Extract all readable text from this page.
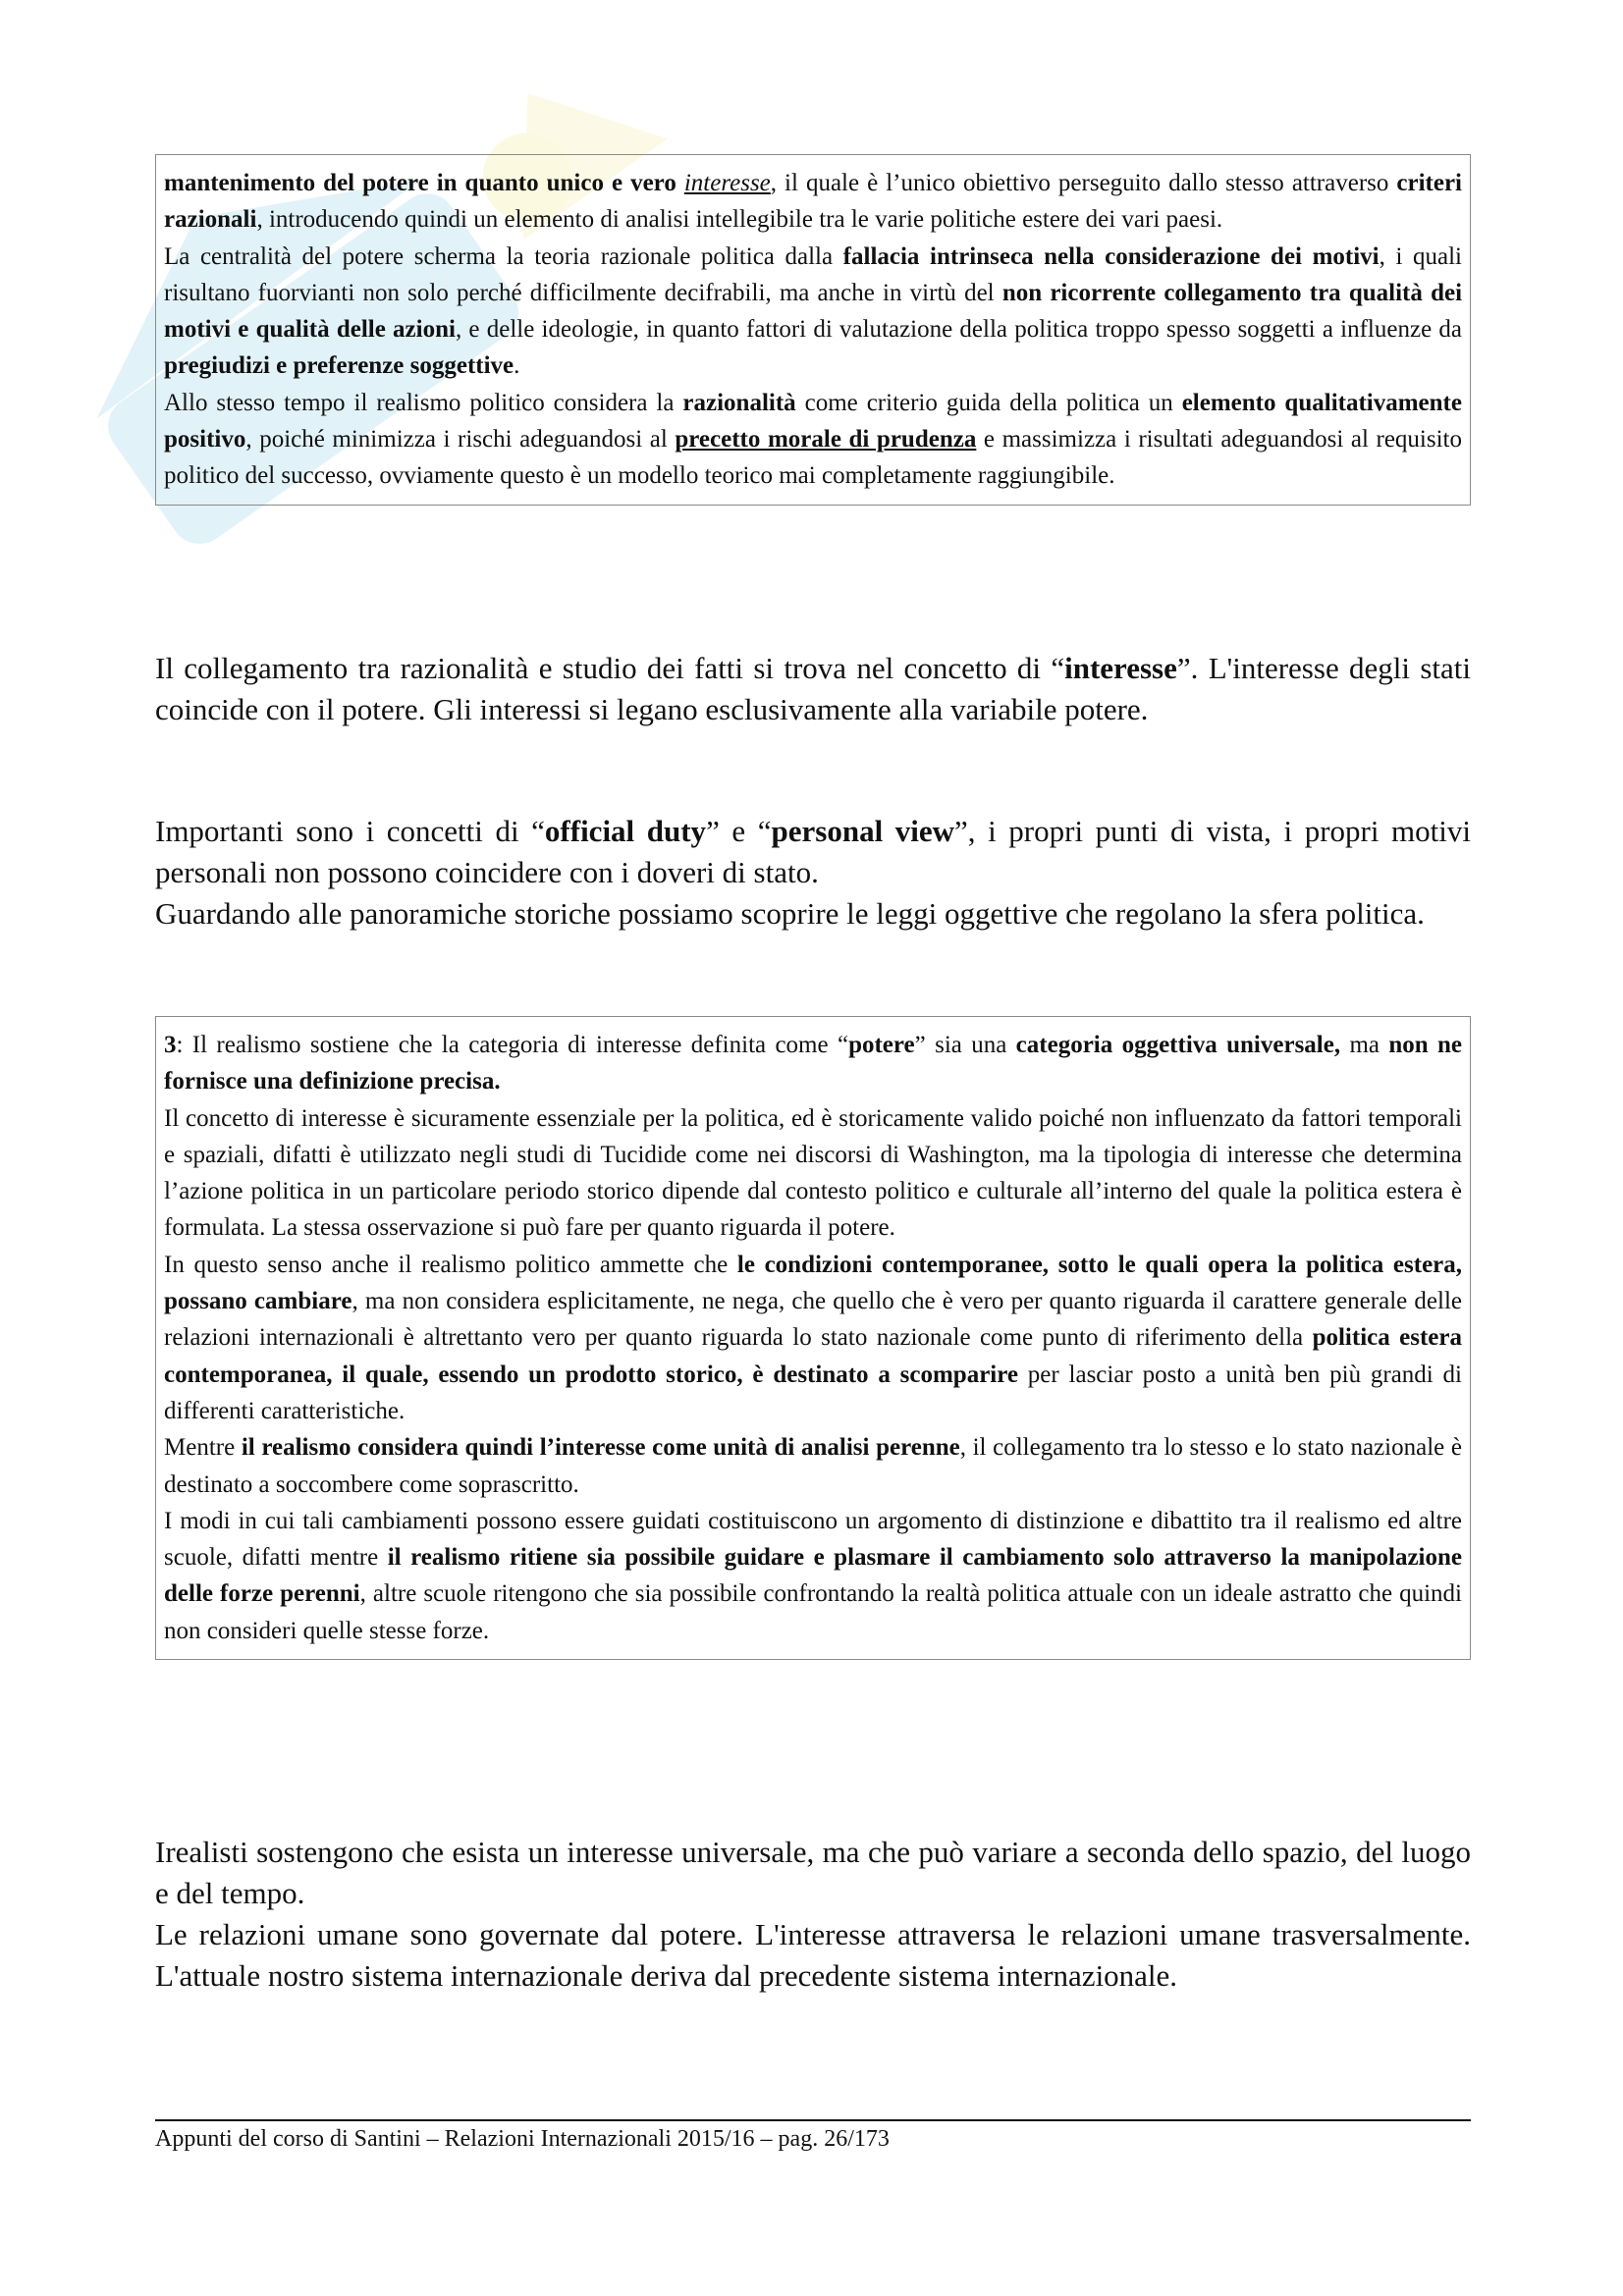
mantenimento del potere in quanto unico e vero interesse, il quale è l’unico obiettivo perseguito dallo stesso attraverso criteri razionali, introducendo quindi un elemento di analisi intellegibile tra le varie politiche estere dei vari paesi.

La centralità del potere scherma la teoria razionale politica dalla fallacia intrinseca nella considerazione dei motivi, i quali risultano fuorvianti non solo perché difficilmente decifrabili, ma anche in virtù del non ricorrente collegamento tra qualità dei motivi e qualità delle azioni, e delle ideologie, in quanto fattori di valutazione della politica troppo spesso soggetti a influenze da pregiudizi e preferenze soggettive.

Allo stesso tempo il realismo politico considera la razionalità come criterio guida della politica un elemento qualitativamente positivo, poiché minimizza i rischi adeguandosi al precetto morale di prudenza e massimizza i risultati adeguandosi al requisito politico del successo, ovviamente questo è un modello teorico mai completamente raggiungibile.

Il collegamento tra razionalità e studio dei fatti si trova nel concetto di “interesse”. L'interesse degli stati coincide con il potere. Gli interessi si legano esclusivamente alla variabile potere.

Importanti sono i concetti di “official duty” e “personal view”, i propri punti di vista, i propri motivi personali non possono coincidere con i doveri di stato.

Guardando alle panoramiche storiche possiamo scoprire le leggi oggettive che regolano la sfera politica.

3: Il realismo sostiene che la categoria di interesse definita come “potere” sia una categoria oggettiva universale, ma non ne fornisce una definizione precisa.

Il concetto di interesse è sicuramente essenziale per la politica, ed è storicamente valido poiché non influenzato da fattori temporali e spaziali, difatti è utilizzato negli studi di Tucidide come nei discorsi di Washington, ma la tipologia di interesse che determina l’azione politica in un particolare periodo storico dipende dal contesto politico e culturale all’interno del quale la politica estera è formulata. La stessa osservazione si può fare per quanto riguarda il potere.

In questo senso anche il realismo politico ammette che le condizioni contemporanee, sotto le quali opera la politica estera, possano cambiare, ma non considera esplicitamente, ne nega, che quello che è vero per quanto riguarda il carattere generale delle relazioni internazionali è altrettanto vero per quanto riguarda lo stato nazionale come punto di riferimento della politica estera contemporanea, il quale, essendo un prodotto storico, è destinato a scomparire per lasciar posto a unità ben più grandi di differenti caratteristiche.

Mentre il realismo considera quindi l’interesse come unità di analisi perenne, il collegamento tra lo stesso e lo stato nazionale è destinato a soccombere come soprascritto.

I modi in cui tali cambiamenti possono essere guidati costituiscono un argomento di distinzione e dibattito tra il realismo ed altre scuole, difatti mentre il realismo ritiene sia possibile guidare e plasmare il cambiamento solo attraverso la manipolazione delle forze perenni, altre scuole ritengono che sia possibile confrontando la realtà politica attuale con un ideale astratto che quindi non consideri quelle stesse forze.

Irealisti sostengono che esista un interesse universale, ma che può variare a seconda dello spazio, del luogo e del tempo.

Le relazioni umane sono governate dal potere. L'interesse attraversa le relazioni umane trasversalmente. L'attuale nostro sistema internazionale deriva dal precedente sistema internazionale.

Appunti del corso di Santini – Relazioni Internazionali 2015/16 – pag. 26/173
